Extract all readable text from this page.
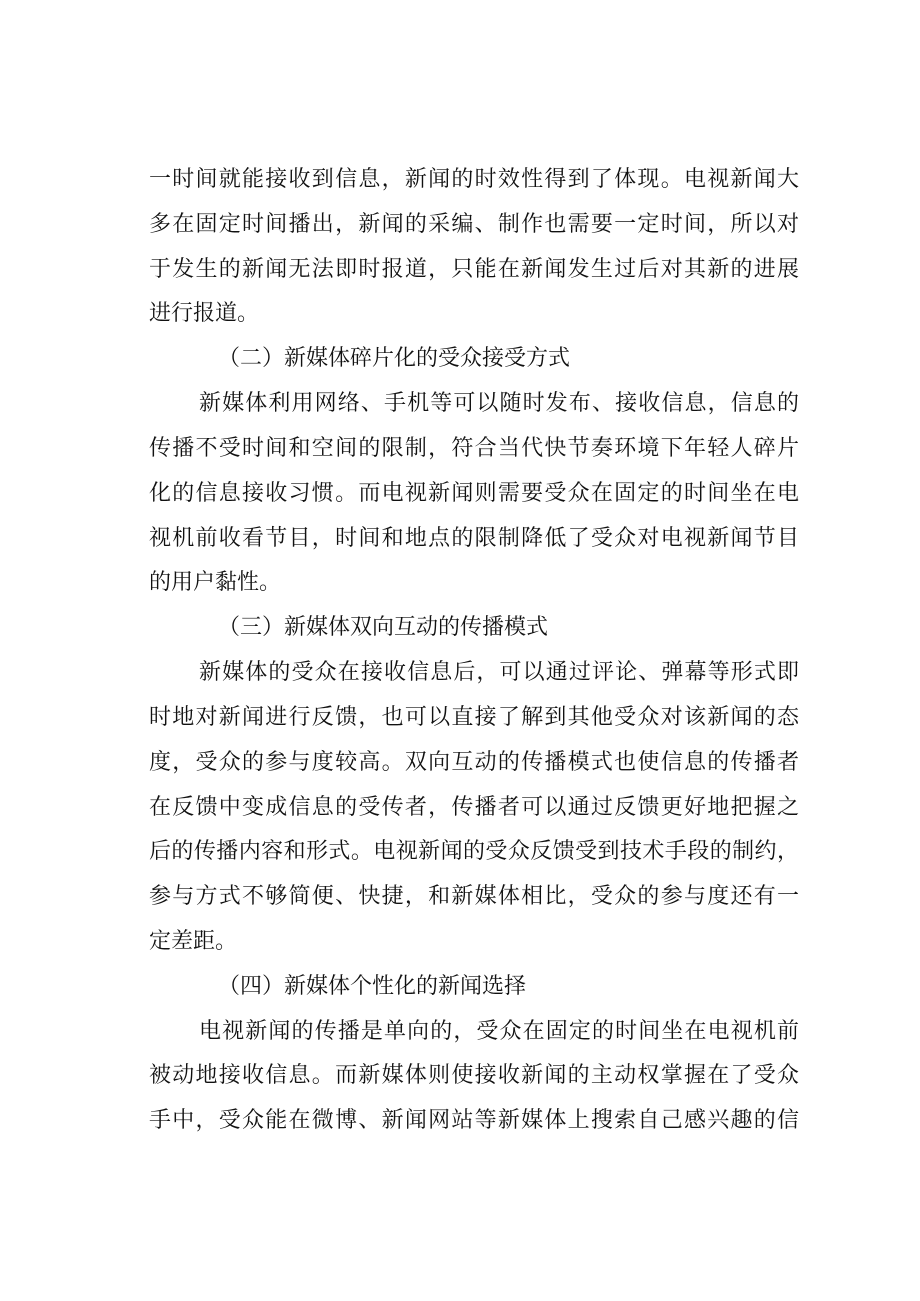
一时间就能接收到信息，新闻的时效性得到了体现。电视新闻大
多在固定时间播出，新闻的采编、制作也需要一定时间，所以对
于发生的新闻无法即时报道，只能在新闻发生过后对其新的进展
进行报道。
（二）新媒体碎片化的受众接受方式
新媒体利用网络、手机等可以随时发布、接收信息，信息的
传播不受时间和空间的限制，符合当代快节奏环境下年轻人碎片
化的信息接收习惯。而电视新闻则需要受众在固定的时间坐在电
视机前收看节目，时间和地点的限制降低了受众对电视新闻节目
的用户黏性。
（三）新媒体双向互动的传播模式
新媒体的受众在接收信息后，可以通过评论、弹幕等形式即
时地对新闻进行反馈，也可以直接了解到其他受众对该新闻的态
度，受众的参与度较高。双向互动的传播模式也使信息的传播者
在反馈中变成信息的受传者，传播者可以通过反馈更好地把握之
后的传播内容和形式。电视新闻的受众反馈受到技术手段的制约，
参与方式不够简便、快捷，和新媒体相比，受众的参与度还有一
定差距。
（四）新媒体个性化的新闻选择
电视新闻的传播是单向的，受众在固定的时间坐在电视机前
被动地接收信息。而新媒体则使接收新闻的主动权掌握在了受众
手中，受众能在微博、新闻网站等新媒体上搜索自己感兴趣的信
